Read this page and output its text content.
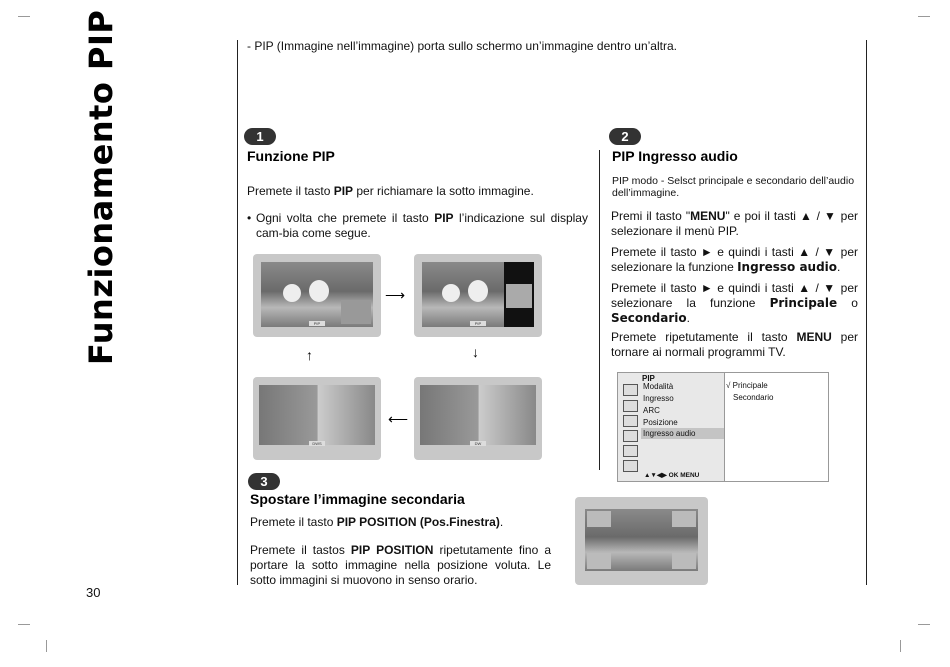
Funzionamento PIP
30
- PIP (Immagine nell’immagine) porta sullo schermo un’immagine dentro un’altra.
1
Funzione PIP
Premete il tasto PIP per richiamare la sotto immagine.
• Ogni volta che premete il tasto PIP l’indicazione sul display cam-bia come segue.
PIP	PIP
DWS	DW
⟶
↓
⟵
↑
2
PIP Ingresso audio
PIP modo - Selsct principale e secondario dell’audio dell’immagine.
Premi il tasto "MENU" e poi il tasti ▲ / ▼ per selezionare il menù PIP.
Premete il tasto ► e quindi i tasti ▲ / ▼ per selezionare la funzione Ingresso audio.
Premete il tasto ► e quindi i tasti ▲ / ▼ per selezionare la funzione Principale o Secondario.
Premete ripetutamente il tasto MENU per tornare ai normali programmi TV.
PIP
Modalità
Ingresso
ARC
Posizione
Ingresso audio
√ Principale
Secondario
▲▼◀▶ OK MENU
3
Spostare l’immagine secondaria
Premete il tasto PIP POSITION (Pos.Finestra).
Premete il tastos PIP POSITION ripetutamente fino a portare la sotto immagine nella posizione voluta. Le sotto immagini si muovono in senso orario.
